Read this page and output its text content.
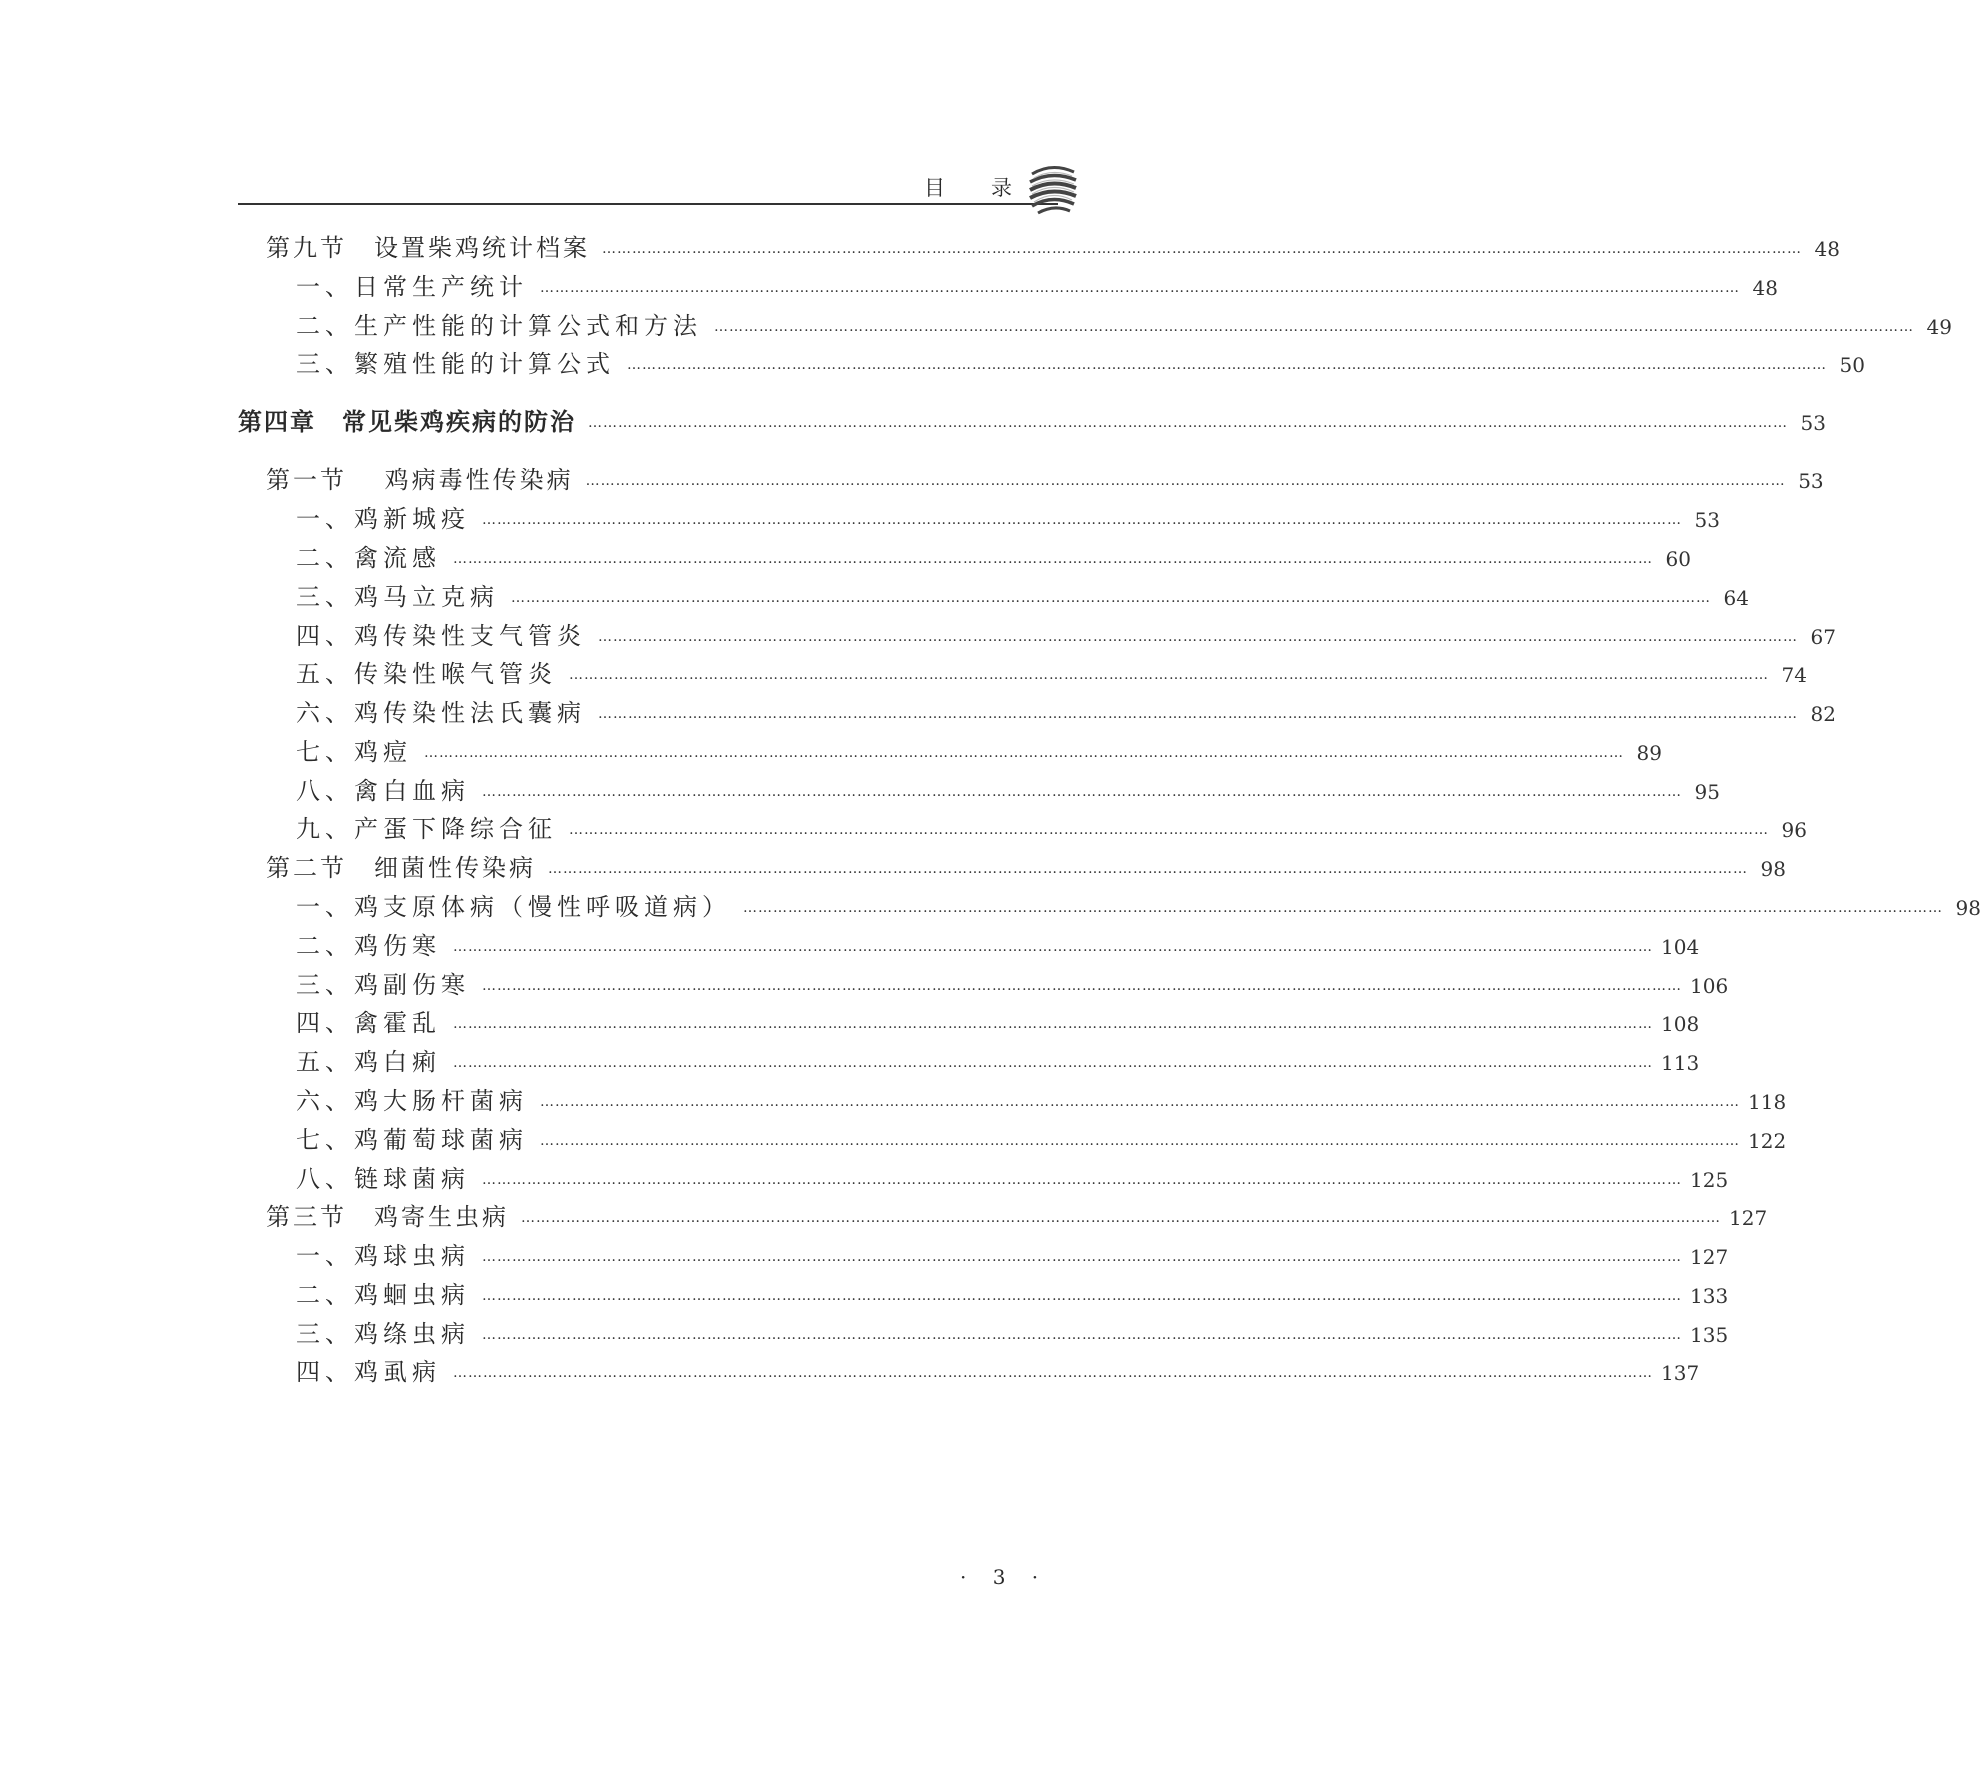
目 录
第九节　设置柴鸡统计档案 …………………………………………………………………………………………………………………………………………………………………………………………………………………… 48
一、日常生产统计 …………………………………………………………………………………………………………………………………………………………………………………………………………………… 48
二、生产性能的计算公式和方法 …………………………………………………………………………………………………………………………………………………………………………………………………………………… 49
三、繁殖性能的计算公式 …………………………………………………………………………………………………………………………………………………………………………………………………………………… 50
第四章　常见柴鸡疾病的防治 …………………………………………………………………………………………………………………………………………………………………………………………………………………… 53
第一节　 鸡病毒性传染病 …………………………………………………………………………………………………………………………………………………………………………………………………………………… 53
一、鸡新城疫 …………………………………………………………………………………………………………………………………………………………………………………………………………………… 53
二、禽流感 …………………………………………………………………………………………………………………………………………………………………………………………………………………… 60
三、鸡马立克病 …………………………………………………………………………………………………………………………………………………………………………………………………………………… 64
四、鸡传染性支气管炎 …………………………………………………………………………………………………………………………………………………………………………………………………………………… 67
五、传染性喉气管炎 …………………………………………………………………………………………………………………………………………………………………………………………………………………… 74
六、鸡传染性法氏囊病 …………………………………………………………………………………………………………………………………………………………………………………………………………………… 82
七、鸡痘 …………………………………………………………………………………………………………………………………………………………………………………………………………………… 89
八、禽白血病 …………………………………………………………………………………………………………………………………………………………………………………………………………………… 95
九、产蛋下降综合征 …………………………………………………………………………………………………………………………………………………………………………………………………………………… 96
第二节　细菌性传染病 …………………………………………………………………………………………………………………………………………………………………………………………………………………… 98
一、鸡支原体病（慢性呼吸道病） …………………………………………………………………………………………………………………………………………………………………………………………………………………… 98
二、鸡伤寒 …………………………………………………………………………………………………………………………………………………………………………………………………………………… 104
三、鸡副伤寒 …………………………………………………………………………………………………………………………………………………………………………………………………………………… 106
四、禽霍乱 …………………………………………………………………………………………………………………………………………………………………………………………………………………… 108
五、鸡白痢 …………………………………………………………………………………………………………………………………………………………………………………………………………………… 113
六、鸡大肠杆菌病 …………………………………………………………………………………………………………………………………………………………………………………………………………………… 118
七、鸡葡萄球菌病 …………………………………………………………………………………………………………………………………………………………………………………………………………………… 122
八、链球菌病 …………………………………………………………………………………………………………………………………………………………………………………………………………………… 125
第三节　鸡寄生虫病 …………………………………………………………………………………………………………………………………………………………………………………………………………………… 127
一、鸡球虫病 …………………………………………………………………………………………………………………………………………………………………………………………………………………… 127
二、鸡蛔虫病 …………………………………………………………………………………………………………………………………………………………………………………………………………………… 133
三、鸡绦虫病 …………………………………………………………………………………………………………………………………………………………………………………………………………………… 135
四、鸡虱病 …………………………………………………………………………………………………………………………………………………………………………………………………………………… 137
· 3 ·
